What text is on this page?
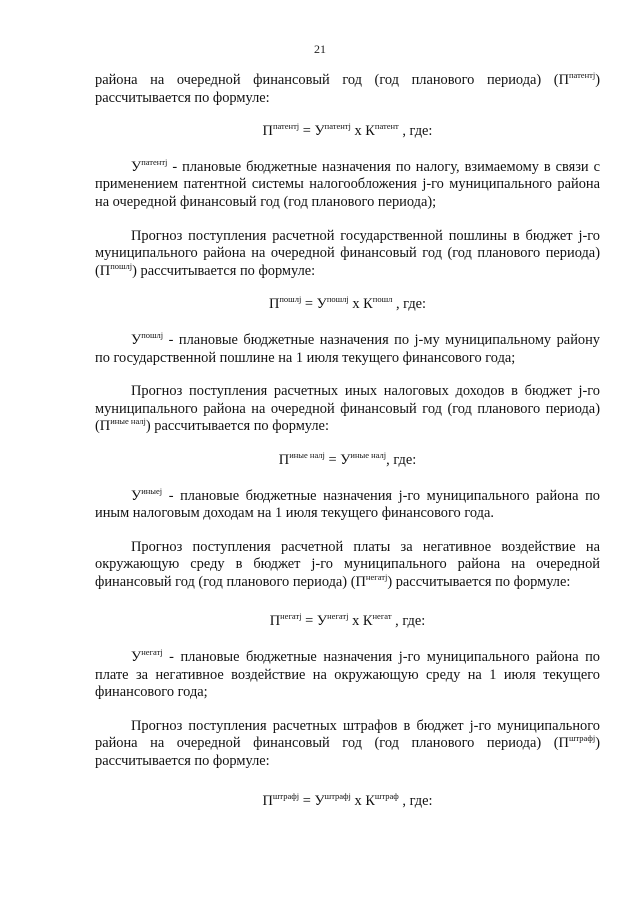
21

района на очередной финансовый год (год планового периода) $(П^{патентj})$ рассчитывается по формуле:

$П^{патентj} = У^{патентj}$ х $К^{патент}$ , где:

$У^{патентj}$ - плановые бюджетные назначения по налогу, взимаемому в связи с применением патентной системы налогообложения j-го муниципального района на очередной финансовый год (год планового периода);

Прогноз поступления расчетной государственной пошлины в бюджет j-го муниципального района на очередной финансовый год (год планового периода) $(П^{пошлj})$ рассчитывается по формуле:

$П^{пошлj} = У^{пошлj}$ х $К^{пошл}$ , где:

$У^{пошлj}$ - плановые бюджетные назначения по j-му муниципальному району по государственной пошлине на 1 июля текущего финансового года;

Прогноз поступления расчетных иных налоговых доходов в бюджет j-го муниципального района на очередной финансовый год (год планового периода) $(П^{иные налj})$ рассчитывается по формуле:

$П^{иные налj} = У^{иные налj}$, где:

$У^{иныеj}$ - плановые бюджетные назначения j-го муниципального района по иным налоговым доходам на 1 июля текущего финансового года.

Прогноз поступления расчетной платы за негативное воздействие на окружающую среду в бюджет j-го муниципального района на очередной финансовый год (год планового периода) $(П^{негатj})$ рассчитывается по формуле:

$П^{негатj} = У^{негатj}$ х $К^{негат}$ , где:

$У^{негатj}$ - плановые бюджетные назначения j-го муниципального района по плате за негативное воздействие на окружающую среду на 1 июля текущего финансового года;

Прогноз поступления расчетных штрафов в бюджет j-го муниципального района на очередной финансовый год (год планового периода) $(П^{штрафj})$ рассчитывается по формуле:

$П^{штрафj} = У^{штрафj}$ х $К^{штраф}$ , где:
